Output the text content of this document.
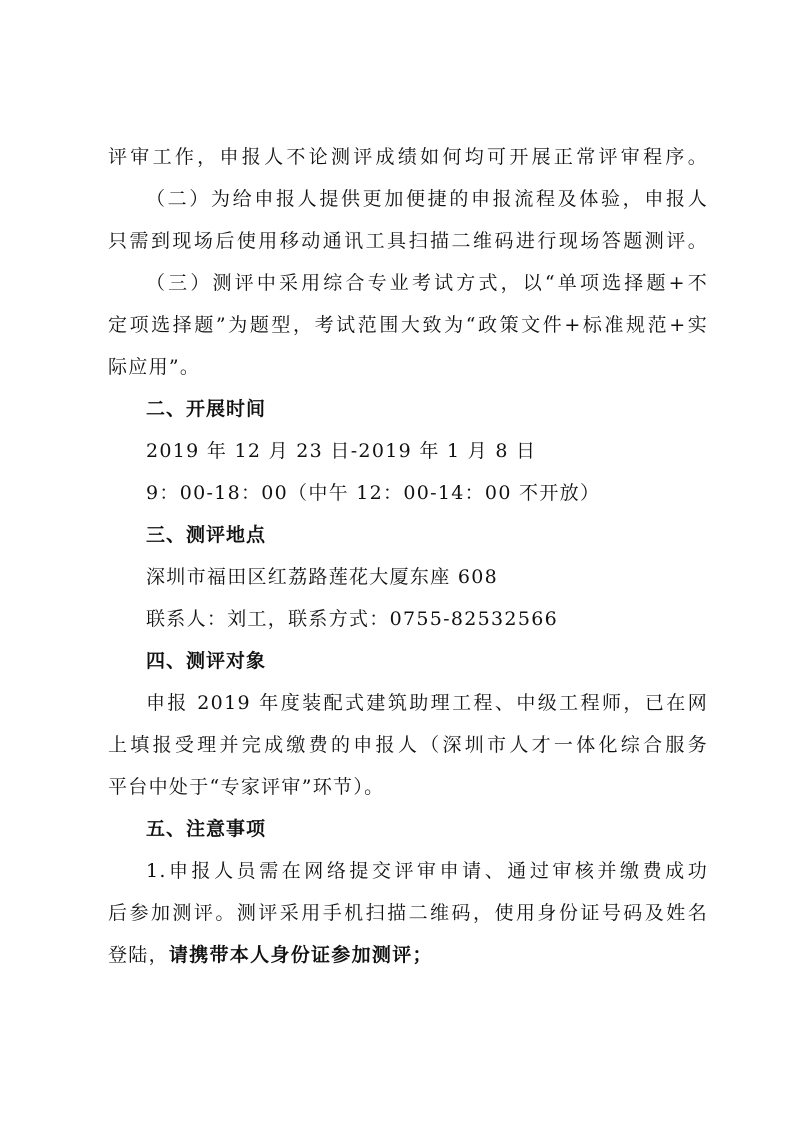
评审工作，申报人不论测评成绩如何均可开展正常评审程序。
（二）为给申报人提供更加便捷的申报流程及体验，申报人
只需到现场后使用移动通讯工具扫描二维码进行现场答题测评。
（三）测评中采用综合专业考试方式，以“单项选择题+不
定项选择题”为题型，考试范围大致为“政策文件+标准规范+实
际应用”。
二、开展时间
2019 年 12 月 23 日-2019 年 1 月 8 日
9：00-18：00（中午 12：00-14：00 不开放）
三、测评地点
深圳市福田区红荔路莲花大厦东座 608
联系人：刘工，联系方式：0755-82532566
四、测评对象
申报 2019 年度装配式建筑助理工程、中级工程师，已在网
上填报受理并完成缴费的申报人（深圳市人才一体化综合服务
平台中处于“专家评审”环节）。
五、注意事项
1.申报人员需在网络提交评审申请、通过审核并缴费成功
后参加测评。测评采用手机扫描二维码，使用身份证号码及姓名
登陆，请携带本人身份证参加测评；
